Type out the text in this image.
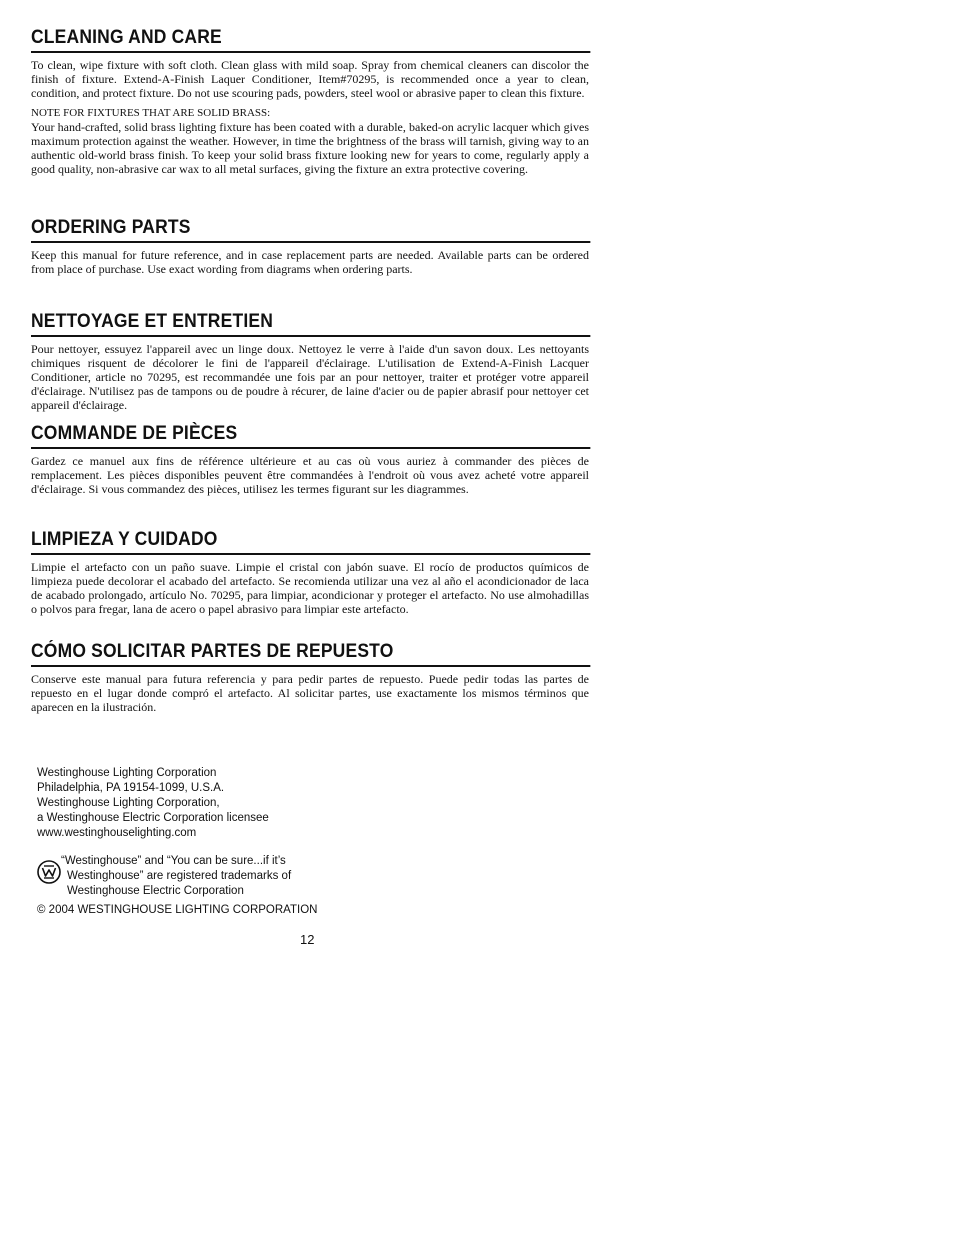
CLEANING AND CARE

To clean, wipe fixture with soft cloth. Clean glass with mild soap. Spray from chemical cleaners can discolor the finish of fixture. Extend-A-Finish Laquer Conditioner, Item#70295, is recommended once a year to clean, condition, and protect fixture. Do not use scouring pads, powders, steel wool or abrasive paper to clean this fixture.

NOTE FOR FIXTURES THAT ARE SOLID BRASS:

Your hand-crafted, solid brass lighting fixture has been coated with a durable, baked-on acrylic lacquer which gives maximum protection against the weather. However, in time the brightness of the brass will tarnish, giving way to an authentic old-world brass finish. To keep your solid brass fixture looking new for years to come, regularly apply a good quality, non-abrasive car wax to all metal surfaces, giving the fixture an extra protective covering.

ORDERING PARTS

Keep this manual for future reference, and in case replacement parts are needed. Available parts can be ordered from place of purchase. Use exact wording from diagrams when ordering parts.

NETTOYAGE ET ENTRETIEN

Pour nettoyer, essuyez l'appareil avec un linge doux. Nettoyez le verre à l'aide d'un savon doux. Les nettoyants chimiques risquent de décolorer le fini de l'appareil d'éclairage. L'utilisation de Extend-A-Finish Lacquer Conditioner, article no 70295, est recommandée une fois par an pour nettoyer, traiter et protéger votre appareil d'éclairage. N'utilisez pas de tampons ou de poudre à récurer, de laine d'acier ou de papier abrasif pour nettoyer cet appareil d'éclairage.

COMMANDE DE PIÈCES

Gardez ce manuel aux fins de référence ultérieure et au cas où vous auriez à commander des pièces de remplacement. Les pièces disponibles peuvent être commandées à l'endroit où vous avez acheté votre appareil d'éclairage. Si vous commandez des pièces, utilisez les termes figurant sur les diagrammes.

LIMPIEZA Y CUIDADO

Limpie el artefacto con un paño suave. Limpie el cristal con jabón suave. El rocío de productos químicos de limpieza puede decolorar el acabado del artefacto. Se recomienda utilizar una vez al año el acondicionador de laca de acabado prolongado, artículo No. 70295, para limpiar, acondicionar y proteger el artefacto. No use almohadillas o polvos para fregar, lana de acero o papel abrasivo para limpiar este artefacto.

CÓMO SOLICITAR PARTES DE REPUESTO

Conserve este manual para futura referencia y para pedir partes de repuesto. Puede pedir todas las partes de repuesto en el lugar donde compró el artefacto. Al solicitar partes, use exactamente los mismos términos que aparecen en la ilustración.

Westinghouse Lighting Corporation
Philadelphia, PA 19154-1099, U.S.A.
Westinghouse Lighting Corporation,
a Westinghouse Electric Corporation licensee
www.westinghouselighting.com
“Westinghouse” and “You can be sure...if it’s
Westinghouse” are registered trademarks of
Westinghouse Electric Corporation
© 2004 WESTINGHOUSE LIGHTING CORPORATION
12
